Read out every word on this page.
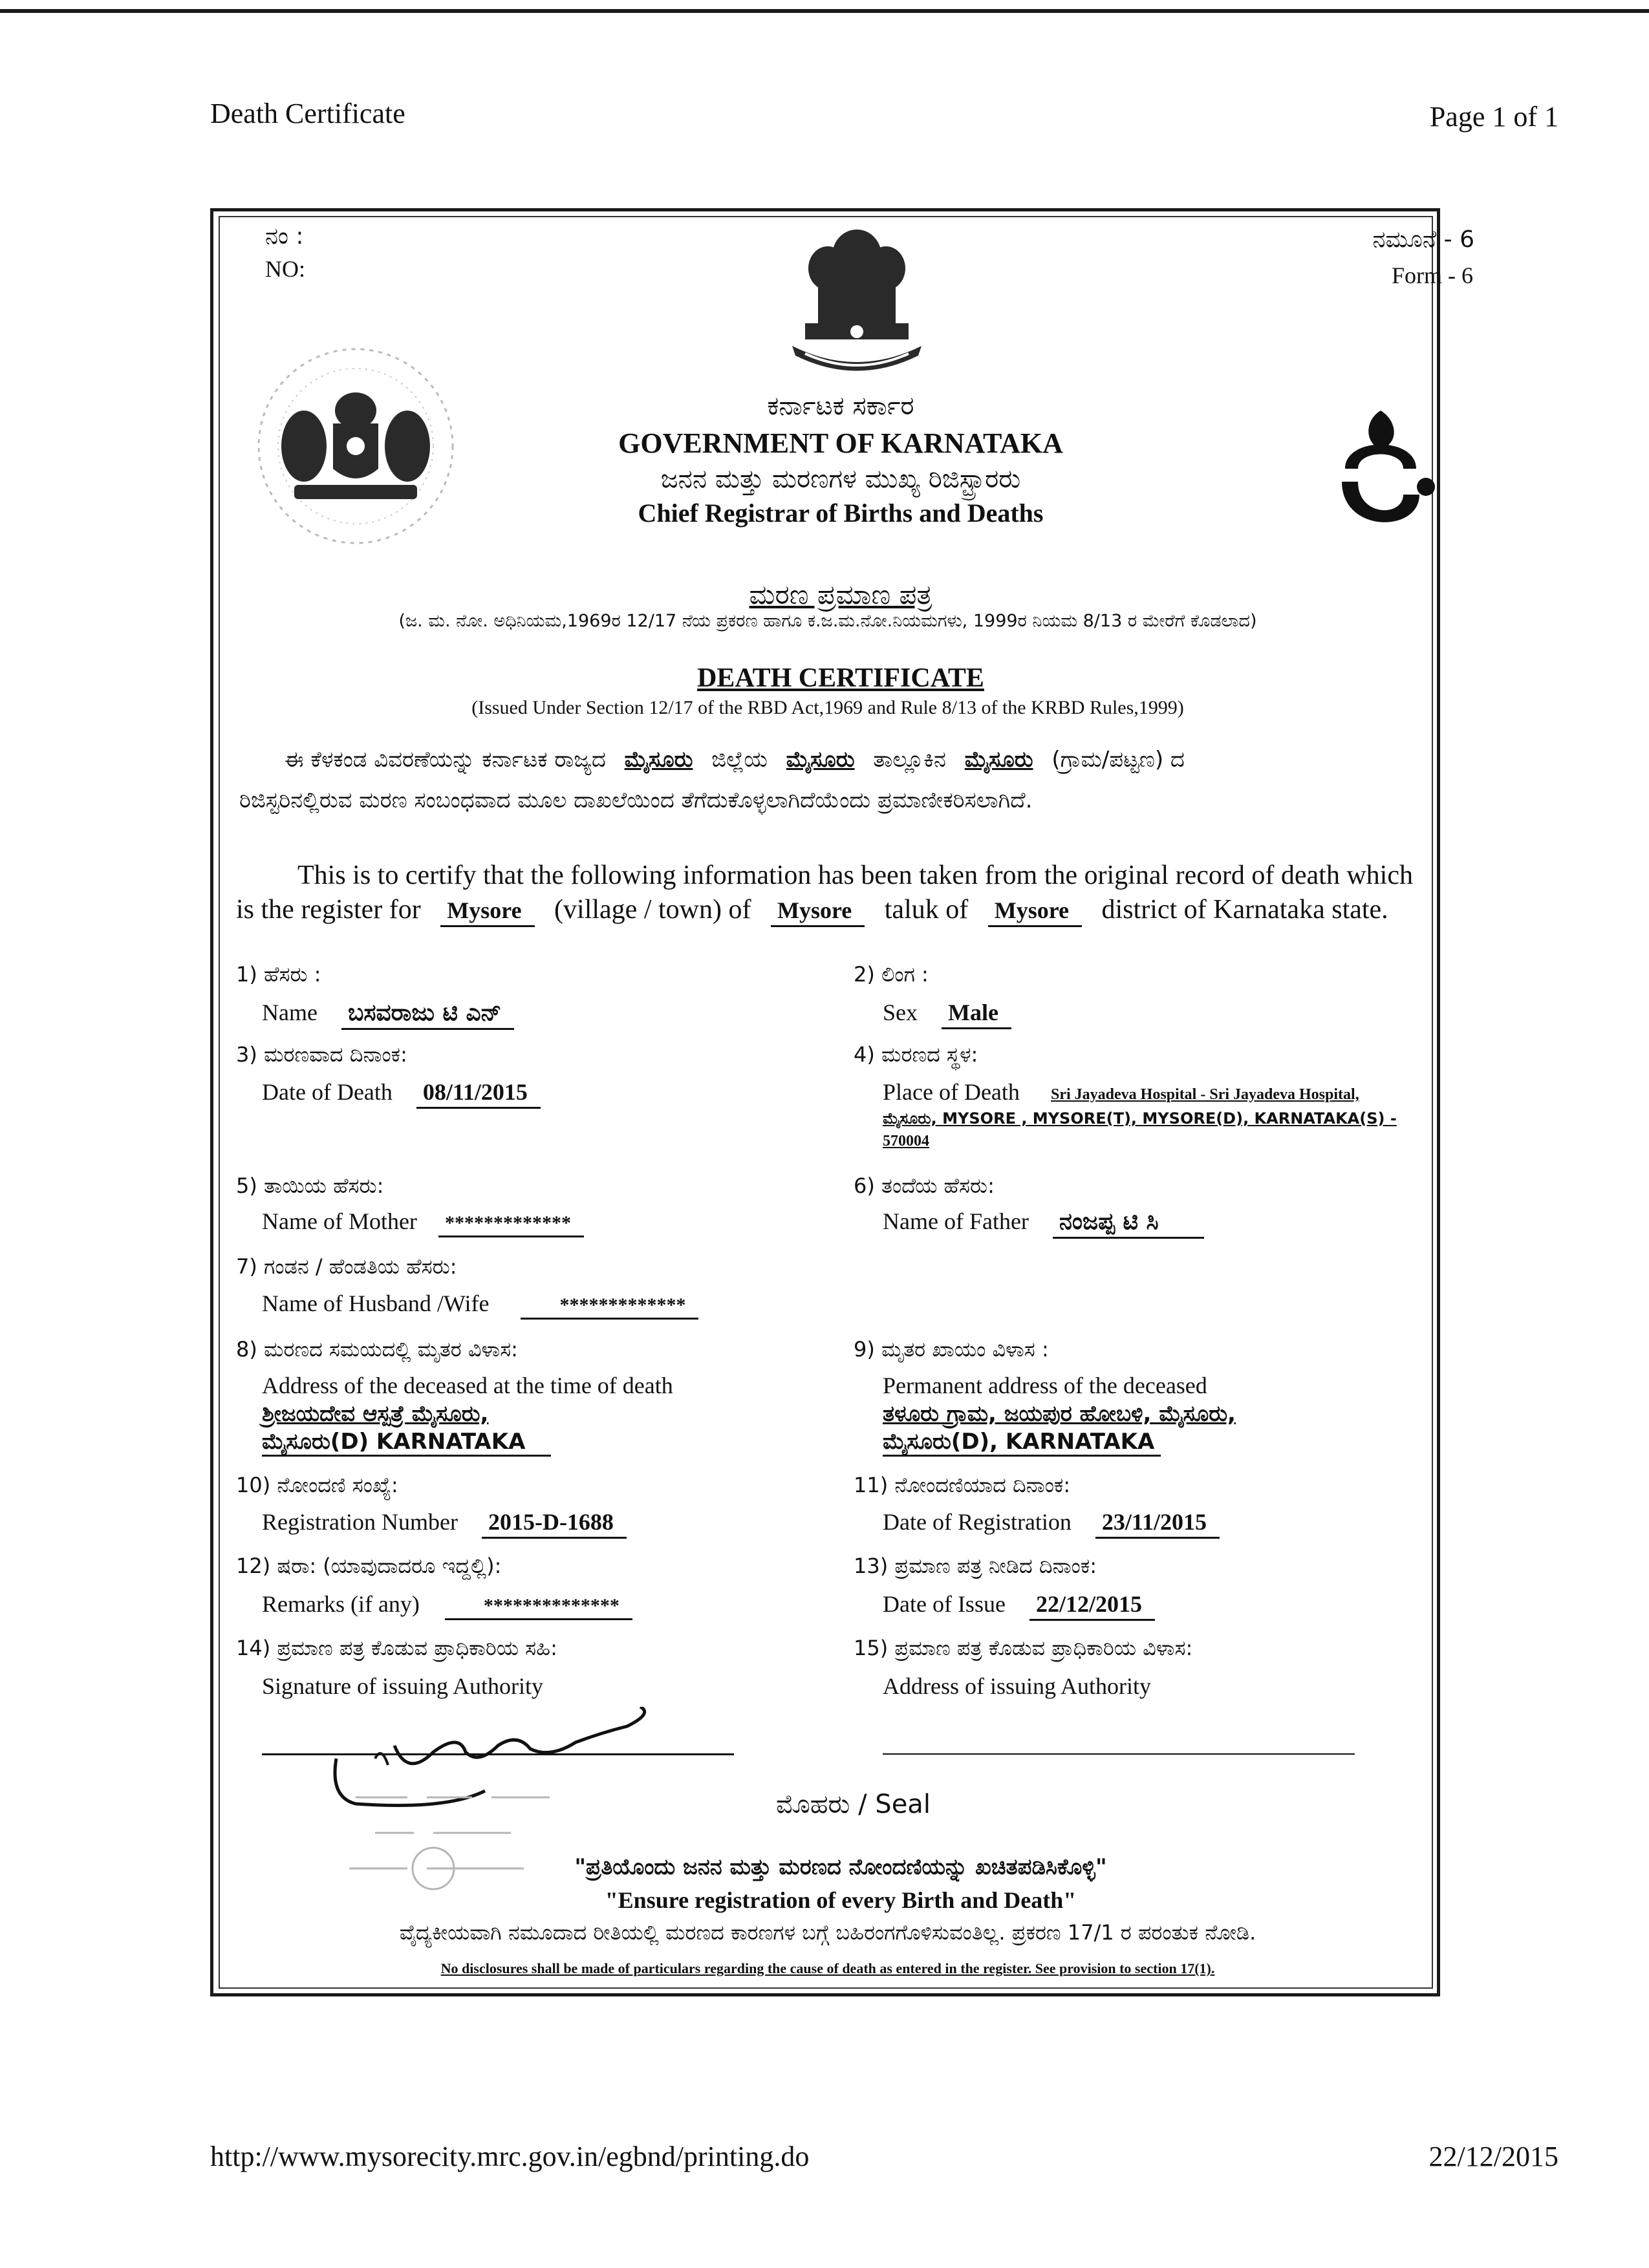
Death Certificate	Page 1 of 1
ನಂ :
NO:
ನಮೂನೆ - 6
Form - 6
ಕರ್ನಾಟಕ ಸರ್ಕಾರ
GOVERNMENT OF KARNATAKA
ಜನನ ಮತ್ತು ಮರಣಗಳ ಮುಖ್ಯ ರಿಜಿಸ್ಟ್ರಾರರು
Chief Registrar of Births and Deaths
ಮರಣ ಪ್ರಮಾಣ ಪತ್ರ
(ಜ. ಮ. ನೋ. ಅಧಿನಿಯಮ,1969ರ 12/17 ನೆಯ ಪ್ರಕರಣ ಹಾಗೂ ಕ.ಜ.ಮ.ನೋ.ನಿಯಮಗಳು, 1999ರ ನಿಯಮ 8/13 ರ ಮೇರೆಗೆ ಕೊಡಲಾದ)
DEATH CERTIFICATE
(Issued Under Section 12/17 of the RBD Act,1969 and Rule 8/13 of the KRBD Rules,1999)
ಈ ಕೆಳಕಂಡ ವಿವರಣೆಯನ್ನು ಕರ್ನಾಟಕ ರಾಜ್ಯದ ಮೈಸೂರು ಜಿಲ್ಲೆಯ ಮೈಸೂರು ತಾಲ್ಲೂಕಿನ ಮೈಸೂರು (ಗ್ರಾಮ/ಪಟ್ಟಣ) ದ
ರಿಜಿಸ್ಟರಿನಲ್ಲಿರುವ ಮರಣ ಸಂಬಂಧವಾದ ಮೂಲ ದಾಖಲೆಯಿಂದ ತೆಗೆದುಕೊಳ್ಳಲಾಗಿದೆಯೆಂದು ಪ್ರಮಾಣೀಕರಿಸಲಾಗಿದೆ.
This is to certify that the following information has been taken from the original record of death which
is the register for Mysore (village / town) of Mysore taluk of Mysore district of Karnataka state.
1) ಹೆಸರು :
Name ಬಸವರಾಜು ಟಿ ಎನ್
2) ಲಿಂಗ :
Sex Male
3) ಮರಣವಾದ ದಿನಾಂಕ:
Date of Death 08/11/2015
4) ಮರಣದ ಸ್ಥಳ:
Place of Death Sri Jayadeva Hospital - Sri Jayadeva Hospital,
ಮೈಸೂರು, MYSORE , MYSORE(T), MYSORE(D), KARNATAKA(S) -
570004
5) ತಾಯಿಯ ಹೆಸರು:
Name of Mother *************
6) ತಂದೆಯ ಹೆಸರು:
Name of Father ನಂಜಪ್ಪ ಟಿ ಸಿ
7) ಗಂಡನ / ಹೆಂಡತಿಯ ಹೆಸರು:
Name of Husband /Wife	*************
8) ಮರಣದ ಸಮಯದಲ್ಲಿ ಮೃತರ ವಿಳಾಸ:
Address of the deceased at the time of death
ಶ್ರೀಜಯದೇವ ಆಸ್ಪತ್ರೆ ಮೈಸೂರು,
ಮೈಸೂರು(D) KARNATAKA
9) ಮೃತರ ಖಾಯಂ ವಿಳಾಸ :
Permanent address of the deceased
ತಳೂರು ಗ್ರಾಮ, ಜಯಪುರ ಹೋಬಳಿ, ಮೈಸೂರು,
ಮೈಸೂರು(D), KARNATAKA
10) ನೋಂದಣಿ ಸಂಖ್ಯೆ:
Registration Number 2015-D-1688
11) ನೋಂದಣಿಯಾದ ದಿನಾಂಕ:
Date of Registration 23/11/2015
12) ಷರಾ: (ಯಾವುದಾದರೂ ಇದ್ದಲ್ಲಿ):
Remarks (if any)	**************
13) ಪ್ರಮಾಣ ಪತ್ರ ನೀಡಿದ ದಿನಾಂಕ:
Date of Issue 22/12/2015
14) ಪ್ರಮಾಣ ಪತ್ರ ಕೊಡುವ ಪ್ರಾಧಿಕಾರಿಯ ಸಹಿ:
Signature of issuing Authority
15) ಪ್ರಮಾಣ ಪತ್ರ ಕೊಡುವ ಪ್ರಾಧಿಕಾರಿಯ ವಿಳಾಸ:
Address of issuing Authority
ಮೊಹರು / Seal
"ಪ್ರತಿಯೊಂದು ಜನನ ಮತ್ತು ಮರಣದ ನೋಂದಣಿಯನ್ನು ಖಚಿತಪಡಿಸಿಕೊಳ್ಳಿ"
"Ensure registration of every Birth and Death"
ವೈದ್ಯಕೀಯವಾಗಿ ನಮೂದಾದ ರೀತಿಯಲ್ಲಿ ಮರಣದ ಕಾರಣಗಳ ಬಗ್ಗೆ ಬಹಿರಂಗಗೊಳಿಸುವಂತಿಲ್ಲ. ಪ್ರಕರಣ 17/1 ರ ಪರಂತುಕ ನೋಡಿ.
No disclosures shall be made of particulars regarding the cause of death as entered in the register. See provision to section 17(1).
http://www.mysorecity.mrc.gov.in/egbnd/printing.do	22/12/2015
